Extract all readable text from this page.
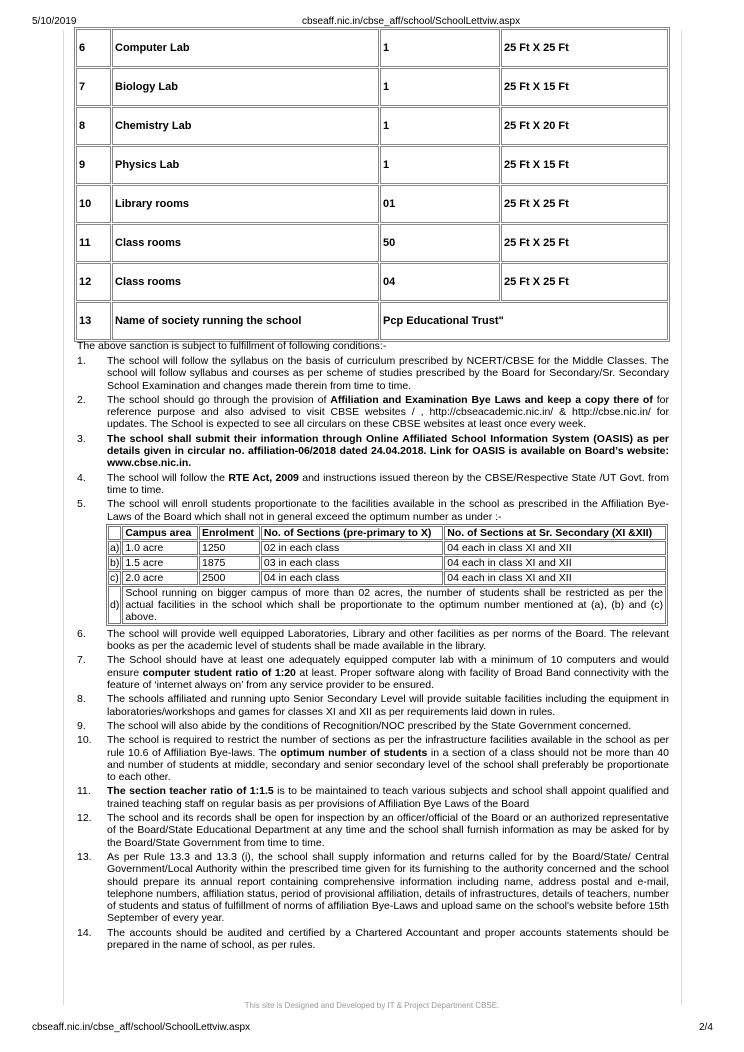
5/10/2019	cbseaff.nic.in/cbse_aff/school/SchoolLettviw.aspx
6	Computer Lab	1	25 Ft X 25 Ft
7	Biology Lab	1	25 Ft X 15 Ft
8	Chemistry Lab	1	25 Ft X 20 Ft
9	Physics Lab	1	25 Ft X 15 Ft
10	Library rooms	01	25 Ft X 25 Ft
11	Class rooms	50	25 Ft X 25 Ft
12	Class rooms	04	25 Ft X 25 Ft
13	Name of society running the school	Pcp Educational Trust"	
The above sanction is subject to fulfillment of following conditions:-
1. The school will follow the syllabus on the basis of curriculum prescribed by NCERT/CBSE for the Middle Classes. The school will follow syllabus and courses as per scheme of studies prescribed by the Board for Secondary/Sr. Secondary School Examination and changes made therein from time to time.
2. The school should go through the provision of Affiliation and Examination Bye Laws and keep a copy there of for reference purpose and also advised to visit CBSE websites / , http://cbseacademic.nic.in/ & http://cbse.nic.in/ for updates. The School is expected to see all circulars on these CBSE websites at least once every week.
3. The school shall submit their information through Online Affiliated School Information System (OASIS) as per details given in circular no. affiliation-06/2018 dated 24.04.2018. Link for OASIS is available on Board’s website: www.cbse.nic.in.
4. The school will follow the RTE Act, 2009 and instructions issued thereon by the CBSE/Respective State /UT Govt. from time to time.
5. The school will enroll students proportionate to the facilities available in the school as prescribed in the Affiliation Bye-Laws of the Board which shall not in general exceed the optimum number as under :-
	Campus area	Enrolment	No. of Sections (pre-primary to X)	No. of Sections at Sr. Secondary (XI &XII)
a)	1.0 acre	1250	02 in each class	04 each in class XI and XII
b)	1.5 acre	1875	03 in each class	04 each in class XI and XII
c)	2.0 acre	2500	04 in each class	04 each in class XI and XII
d)	School running on bigger campus of more than 02 acres, the number of students shall be restricted as per the actual facilities in the school which shall be proportionate to the optimum number mentioned at (a), (b) and (c) above.			
6. The school will provide well equipped Laboratories, Library and other facilities as per norms of the Board. The relevant books as per the academic level of students shall be made available in the library.
7. The School should have at least one adequately equipped computer lab with a minimum of 10 computers and would ensure computer student ratio of 1:20 at least. Proper software along with facility of Broad Band connectivity with the feature of ‘internet always on’ from any service provider to be ensured.
8. The schools affiliated and running upto Senior Secondary Level will provide suitable facilities including the equipment in laboratories/workshops and games for classes XI and XII as per requirements laid down in rules.
9. The school will also abide by the conditions of Recognition/NOC prescribed by the State Government concerned.
10. The school is required to restrict the number of sections as per the infrastructure facilities available in the school as per rule 10.6 of Affiliation Bye-laws. The optimum number of students in a section of a class should not be more than 40 and number of students at middle, secondary and senior secondary level of the school shall preferably be proportionate to each other.
11. The section teacher ratio of 1:1.5 is to be maintained to teach various subjects and school shall appoint qualified and trained teaching staff on regular basis as per provisions of Affiliation Bye Laws of the Board
12. The school and its records shall be open for inspection by an officer/official of the Board or an authorized representative of the Board/State Educational Department at any time and the school shall furnish information as may be asked for by the Board/State Government from time to time.
13. As per Rule 13.3 and 13.3 (i), the school shall supply information and returns called for by the Board/State/ Central Government/Local Authority within the prescribed time given for its furnishing to the authority concerned and the school should prepare its annual report containing comprehensive information including name, address postal and e-mail, telephone numbers, affiliation status, period of provisional affiliation, details of infrastructures, details of teachers, number of students and status of fulfillment of norms of affiliation Bye-Laws and upload same on the school's website before 15th September of every year.
14. The accounts should be audited and certified by a Chartered Accountant and proper accounts statements should be prepared in the name of school, as per rules.
This site is Designed and Developed by IT & Project Department CBSE.
cbseaff.nic.in/cbse_aff/school/SchoolLettviw.aspx	2/4
